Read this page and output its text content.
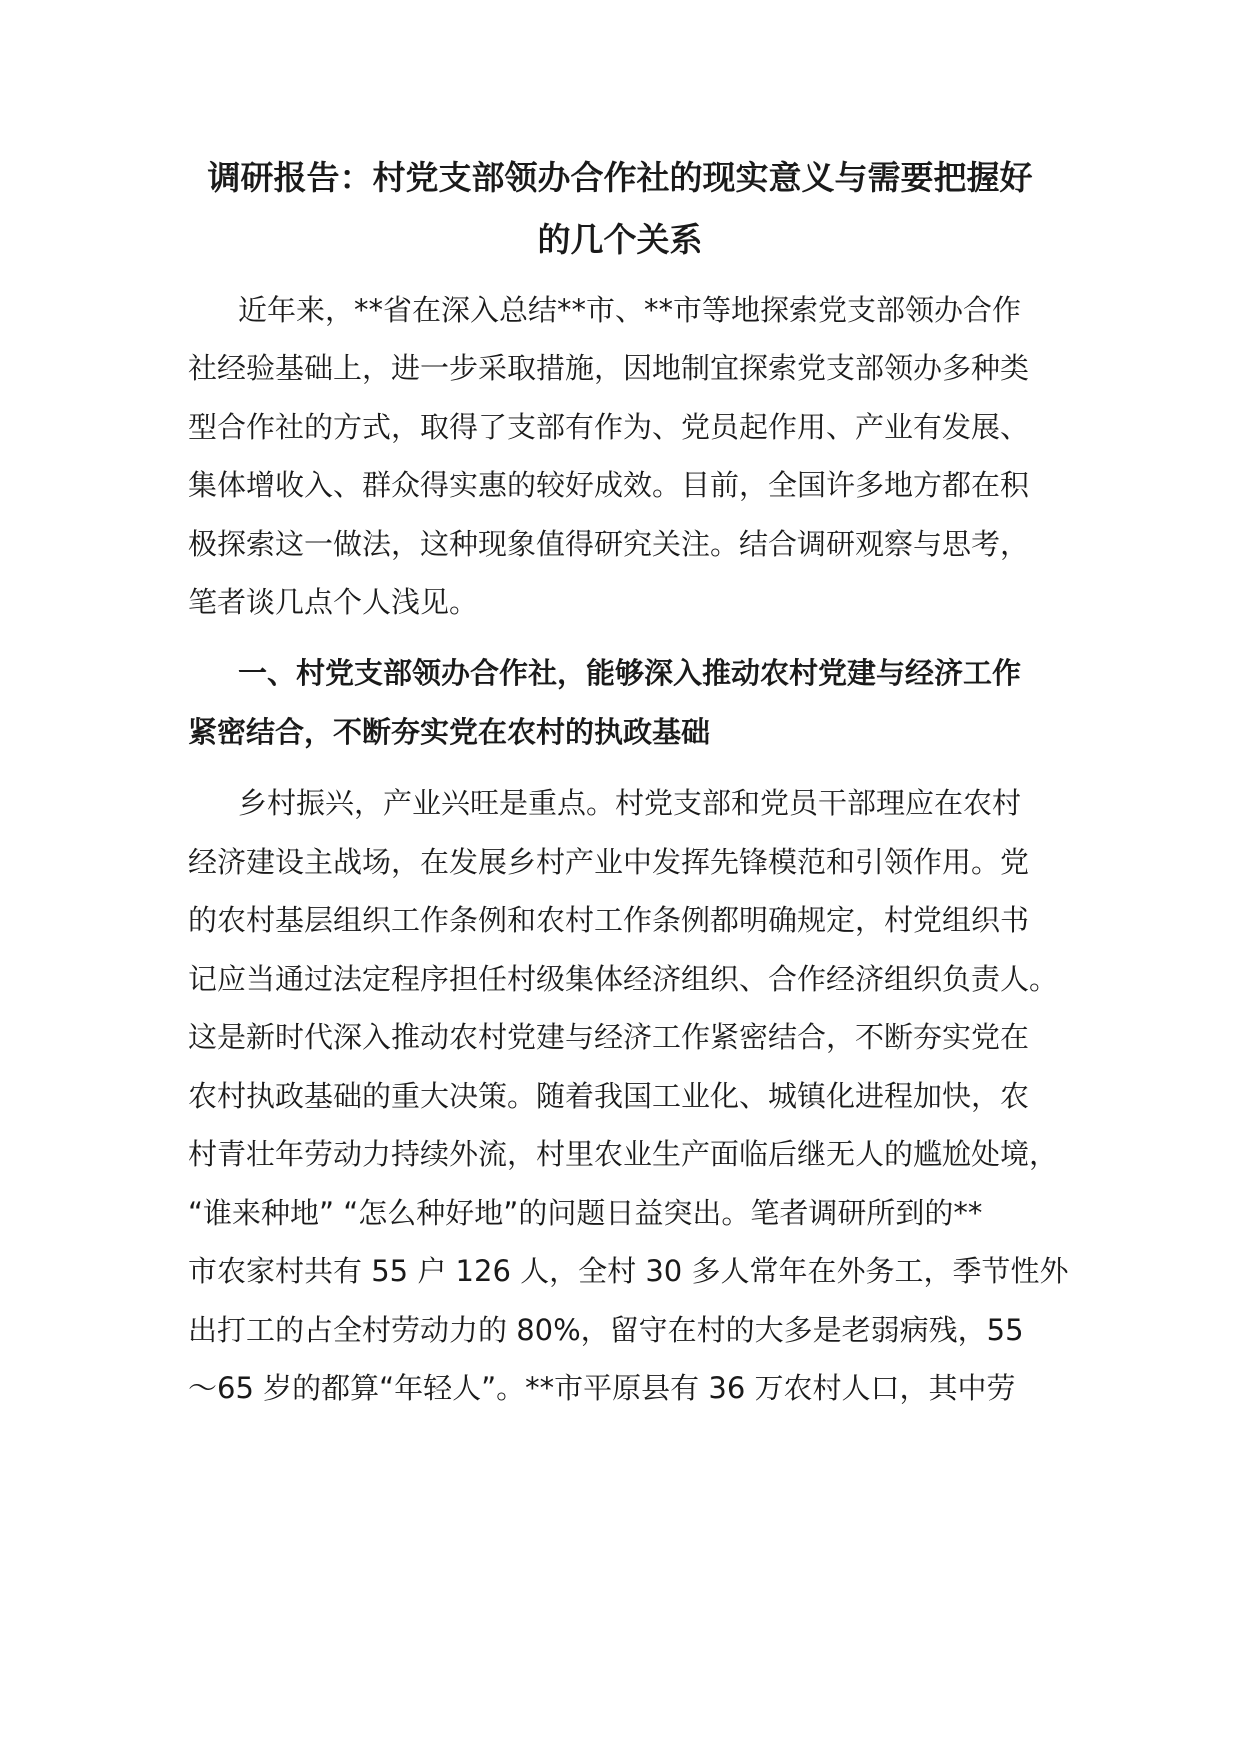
调研报告：村党支部领办合作社的现实意义与需要把握好
的几个关系
近年来，**省在深入总结**市、**市等地探索党支部领办合作
社经验基础上，进一步采取措施，因地制宜探索党支部领办多种类
型合作社的方式，取得了支部有作为、党员起作用、产业有发展、
集体增收入、群众得实惠的较好成效。目前，全国许多地方都在积
极探索这一做法，这种现象值得研究关注。结合调研观察与思考，
笔者谈几点个人浅见。
一、村党支部领办合作社，能够深入推动农村党建与经济工作
紧密结合，不断夯实党在农村的执政基础
乡村振兴，产业兴旺是重点。村党支部和党员干部理应在农村
经济建设主战场，在发展乡村产业中发挥先锋模范和引领作用。党
的农村基层组织工作条例和农村工作条例都明确规定，村党组织书
记应当通过法定程序担任村级集体经济组织、合作经济组织负责人。
这是新时代深入推动农村党建与经济工作紧密结合，不断夯实党在
农村执政基础的重大决策。随着我国工业化、城镇化进程加快，农
村青壮年劳动力持续外流，村里农业生产面临后继无人的尴尬处境，
“谁来种地” “怎么种好地”的问题日益突出。笔者调研所到的**
市农家村共有 55 户 126 人，全村 30 多人常年在外务工，季节性外
出打工的占全村劳动力的 80%，留守在村的大多是老弱病残，55
～65 岁的都算“年轻人”。**市平原县有 36 万农村人口，其中劳
